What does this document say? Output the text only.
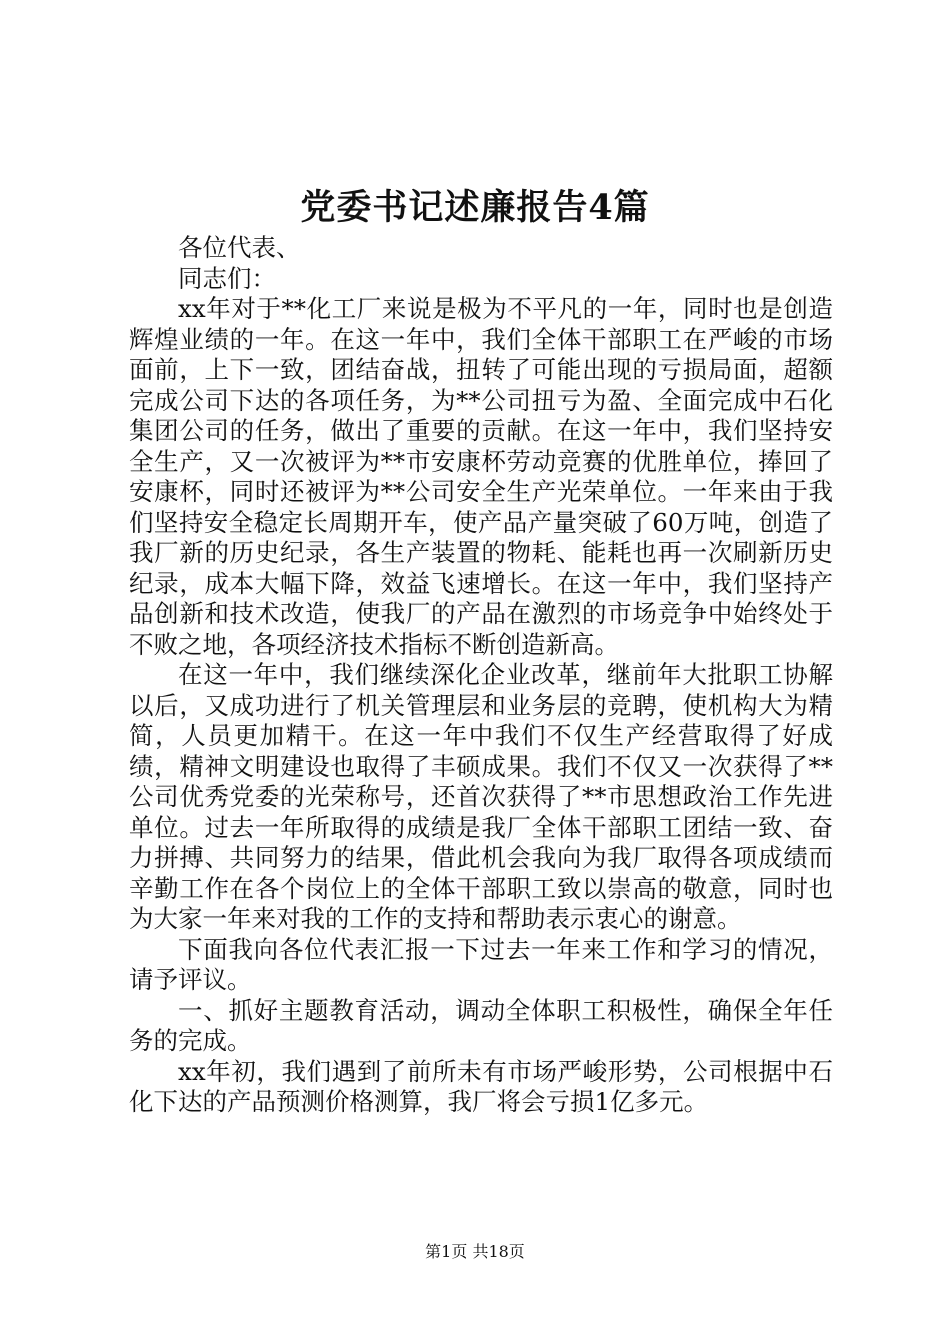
党委书记述廉报告4篇

各位代表、

同志们：

xx年对于**化工厂来说是极为不平凡的一年，同时也是创造辉煌业绩的一年。在这一年中，我们全体干部职工在严峻的市场面前，上下一致，团结奋战，扭转了可能出现的亏损局面，超额完成公司下达的各项任务，为**公司扭亏为盈、全面完成中石化集团公司的任务，做出了重要的贡献。在这一年中，我们坚持安全生产，又一次被评为**市安康杯劳动竞赛的优胜单位，捧回了安康杯，同时还被评为**公司安全生产光荣单位。一年来由于我们坚持安全稳定长周期开车，使产品产量突破了60万吨，创造了我厂新的历史纪录，各生产装置的物耗、能耗也再一次刷新历史纪录，成本大幅下降，效益飞速增长。在这一年中，我们坚持产品创新和技术改造，使我厂的产品在激烈的市场竞争中始终处于不败之地，各项经济技术指标不断创造新高。

在这一年中，我们继续深化企业改革，继前年大批职工协解以后，又成功进行了机关管理层和业务层的竞聘，使机构大为精简，人员更加精干。在这一年中我们不仅生产经营取得了好成绩，精神文明建设也取得了丰硕成果。我们不仅又一次获得了**公司优秀党委的光荣称号，还首次获得了**市思想政治工作先进单位。过去一年所取得的成绩是我厂全体干部职工团结一致、奋力拼搏、共同努力的结果，借此机会我向为我厂取得各项成绩而辛勤工作在各个岗位上的全体干部职工致以崇高的敬意，同时也为大家一年来对我的工作的支持和帮助表示衷心的谢意。

下面我向各位代表汇报一下过去一年来工作和学习的情况，请予评议。

一、抓好主题教育活动，调动全体职工积极性，确保全年任务的完成。

xx年初，我们遇到了前所未有市场严峻形势，公司根据中石化下达的产品预测价格测算，我厂将会亏损1亿多元。

第1页 共18页
